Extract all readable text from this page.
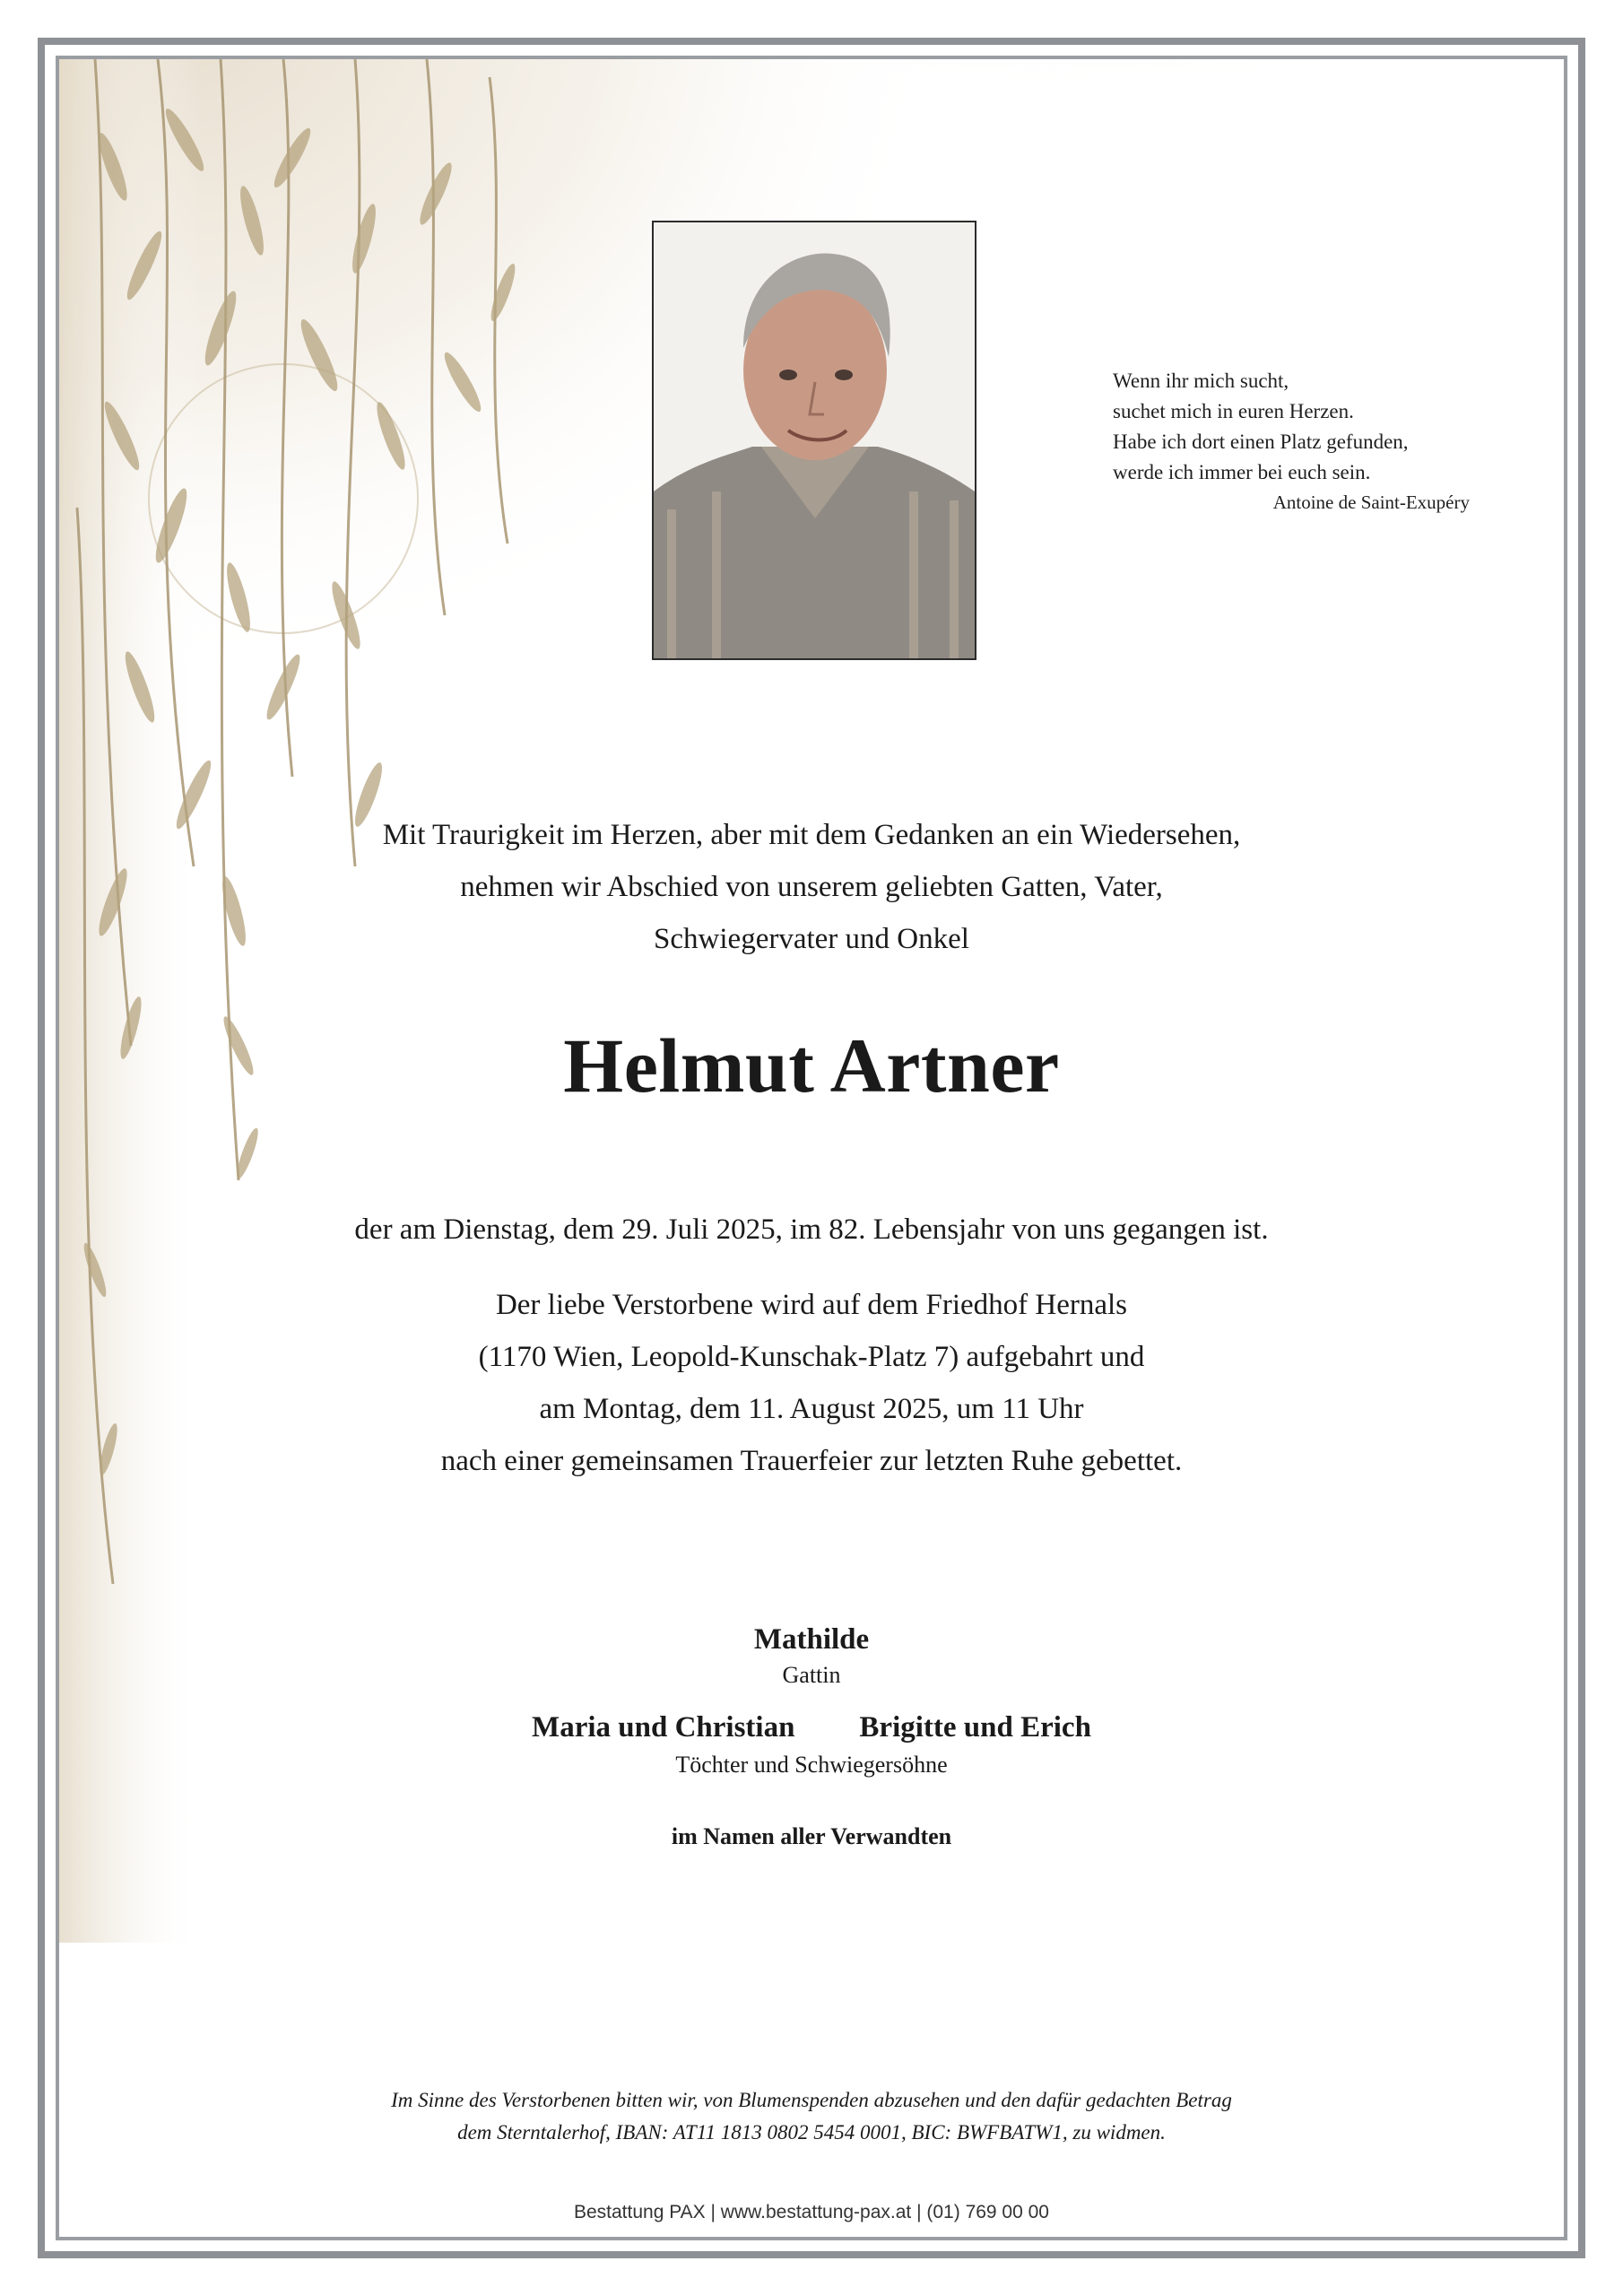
Wenn ihr mich sucht,
suchet mich in euren Herzen.
Habe ich dort einen Platz gefunden,
werde ich immer bei euch sein.
Antoine de Saint-Exupéry
Mit Traurigkeit im Herzen, aber mit dem Gedanken an ein Wiedersehen,
nehmen wir Abschied von unserem geliebten Gatten, Vater,
Schwiegervater und Onkel
Helmut Artner
der am Dienstag, dem 29. Juli 2025, im 82. Lebensjahr von uns gegangen ist.
Der liebe Verstorbene wird auf dem Friedhof Hernals
(1170 Wien, Leopold-Kunschak-Platz 7) aufgebahrt und
am Montag, dem 11. August 2025, um 11 Uhr
nach einer gemeinsamen Trauerfeier zur letzten Ruhe gebettet.
Mathilde
Gattin
Maria und Christian Brigitte und Erich
Töchter und Schwiegersöhne
im Namen aller Verwandten
Im Sinne des Verstorbenen bitten wir, von Blumenspenden abzusehen und den dafür gedachten Betrag
dem Sterntalerhof, IBAN: AT11 1813 0802 5454 0001, BIC: BWFBATW1, zu widmen.
Bestattung PAX | www.bestattung-pax.at | (01) 769 00 00
